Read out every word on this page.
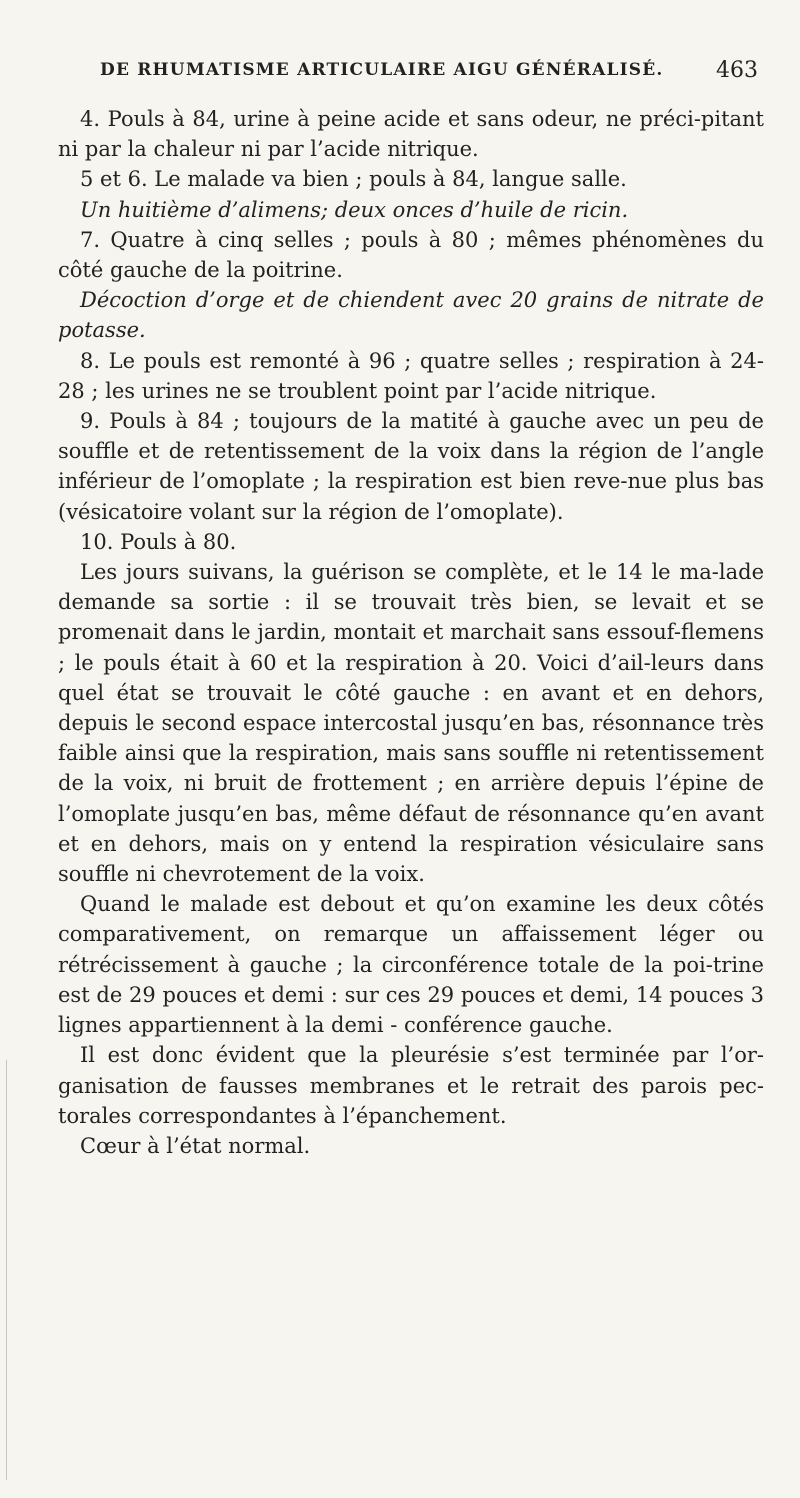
DE RHUMATISME ARTICULAIRE AIGU GÉNÉRALISÉ. 463

4. Pouls à 84, urine à peine acide et sans odeur, ne préci-pitant ni par la chaleur ni par l’acide nitrique.

5 et 6. Le malade va bien ; pouls à 84, langue salle.

Un huitième d’alimens; deux onces d’huile de ricin.

7. Quatre à cinq selles ; pouls à 80 ; mêmes phénomènes du côté gauche de la poitrine.

Décoction d’orge et de chiendent avec 20 grains de nitrate de potasse.

8. Le pouls est remonté à 96 ; quatre selles ; respiration à 24-28 ; les urines ne se troublent point par l’acide nitrique.

9. Pouls à 84 ; toujours de la matité à gauche avec un peu de souffle et de retentissement de la voix dans la région de l’angle inférieur de l’omoplate ; la respiration est bien reve-nue plus bas (vésicatoire volant sur la région de l’omoplate).

10. Pouls à 80.

Les jours suivans, la guérison se complète, et le 14 le ma-lade demande sa sortie : il se trouvait très bien, se levait et se promenait dans le jardin, montait et marchait sans essouf-flemens ; le pouls était à 60 et la respiration à 20. Voici d’ail-leurs dans quel état se trouvait le côté gauche : en avant et en dehors, depuis le second espace intercostal jusqu’en bas, résonnance très faible ainsi que la respiration, mais sans souffle ni retentissement de la voix, ni bruit de frottement ; en arrière depuis l’épine de l’omoplate jusqu’en bas, même défaut de résonnance qu’en avant et en dehors, mais on y entend la respiration vésiculaire sans souffle ni chevrotement de la voix.

Quand le malade est debout et qu’on examine les deux côtés comparativement, on remarque un affaissement léger ou rétrécissement à gauche ; la circonférence totale de la poi-trine est de 29 pouces et demi : sur ces 29 pouces et demi, 14 pouces 3 lignes appartiennent à la demi - conférence gauche.

Il est donc évident que la pleurésie s’est terminée par l’or-ganisation de fausses membranes et le retrait des parois pec-torales correspondantes à l’épanchement.

Cœur à l’état normal.
